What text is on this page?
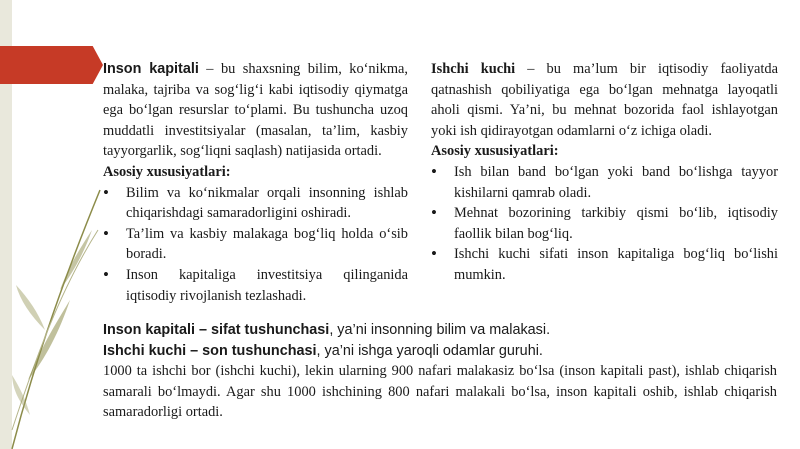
Inson kapitali – bu shaxsning bilim, ko‘nikma, malaka, tajriba va sog‘lig‘i kabi iqtisodiy qiymatga ega bo‘lgan resurslar to‘plami. Bu tushuncha uzoq muddatli investitsiyalar (masalan, ta’lim, kasbiy tayyorgarlik, sog‘liqni saqlash) natijasida ortadi.

Asosiy xususiyatlari:

• Bilim va ko‘nikmalar orqali insonning ishlab chiqarishdagi samaradorligini oshiradi.
• Ta’lim va kasbiy malakaga bog‘liq holda o‘sib boradi.
• Inson kapitaliga investitsiya qilinganida iqtisodiy rivojlanish tezlashadi.

Ishchi kuchi – bu ma’lum bir iqtisodiy faoliyatda qatnashish qobiliyatiga ega bo‘lgan mehnatga layoqatli aholi qismi. Ya’ni, bu mehnat bozorida faol ishlayotgan yoki ish qidirayotgan odamlarni o‘z ichiga oladi.

Asosiy xususiyatlari:

• Ish bilan band bo‘lgan yoki band bo‘lishga tayyor kishilarni qamrab oladi.
• Mehnat bozorining tarkibiy qismi bo‘lib, iqtisodiy faollik bilan bog‘liq.
• Ishchi kuchi sifati inson kapitaliga bog‘liq bo‘lishi mumkin.

Inson kapitali – sifat tushunchasi, ya’ni insonning bilim va malakasi.

Ishchi kuchi – son tushunchasi, ya’ni ishga yaroqli odamlar guruhi.

1000 ta ishchi bor (ishchi kuchi), lekin ularning 900 nafari malakasiz bo‘lsa (inson kapitali past), ishlab chiqarish samarali bo‘lmaydi. Agar shu 1000 ishchining 800 nafari malakali bo‘lsa, inson kapitali oshib, ishlab chiqarish samaradorligi ortadi.
